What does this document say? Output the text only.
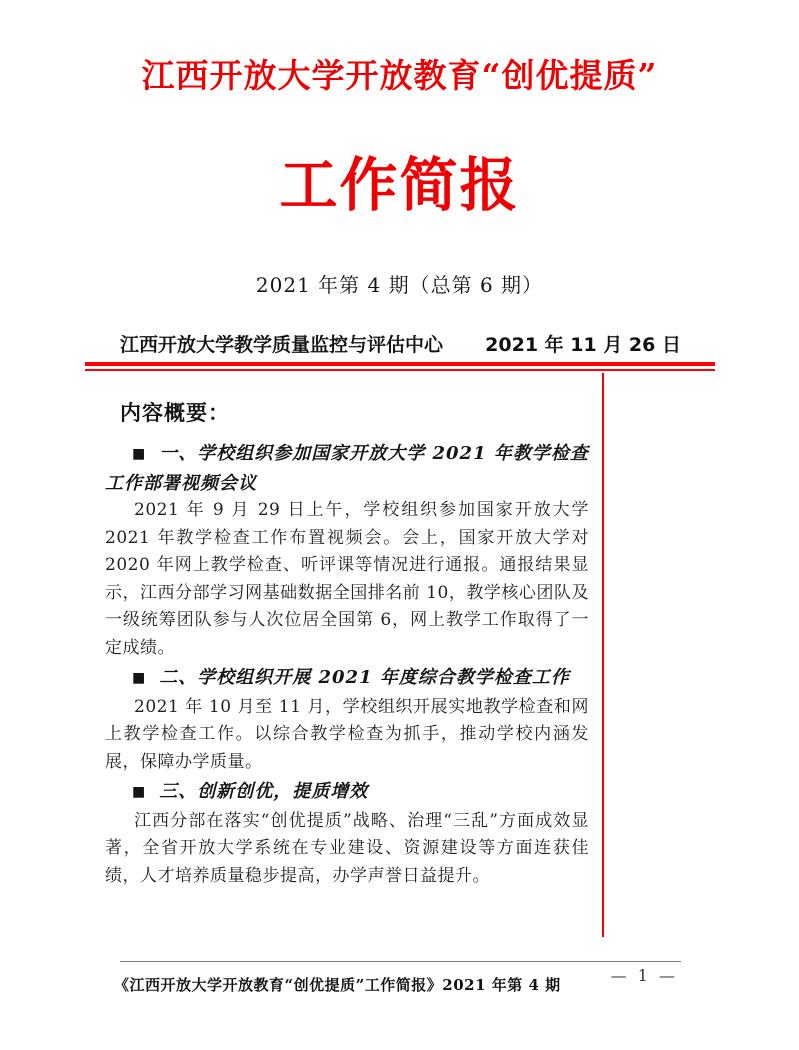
江西开放大学开放教育“创优提质”
工作简报
2021 年第 4 期（总第 6 期）
江西开放大学教学质量监控与评估中心 2021 年 11 月 26 日
内容概要：
■ 一、学校组织参加国家开放大学 2021 年教学检查工作部署视频会议

2021 年 9 月 29 日上午，学校组织参加国家开放大学 2021 年教学检查工作布置视频会。会上，国家开放大学对 2020 年网上教学检查、听评课等情况进行通报。通报结果显示，江西分部学习网基础数据全国排名前 10，教学核心团队及一级统筹团队参与人次位居全国第 6，网上教学工作取得了一定成绩。

■ 二、学校组织开展 2021 年度综合教学检查工作

2021 年 10 月至 11 月，学校组织开展实地教学检查和网上教学检查工作。以综合教学检查为抓手，推动学校内涵发展，保障办学质量。

■ 三、创新创优，提质增效

江西分部在落实“创优提质”战略、治理“三乱”方面成效显著，全省开放大学系统在专业建设、资源建设等方面连获佳绩，人才培养质量稳步提高，办学声誉日益提升。

— 1 —
《江西开放大学开放教育“创优提质”工作简报》2021 年第 4 期
